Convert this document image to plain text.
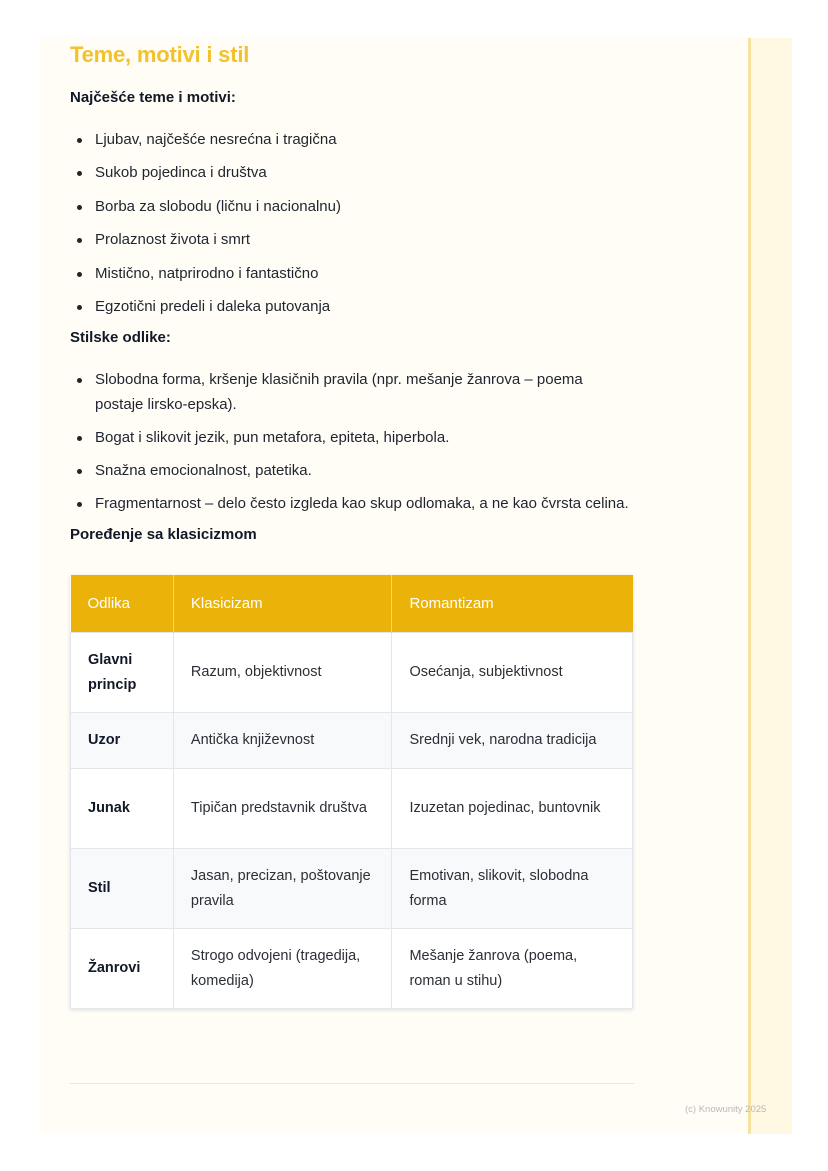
Teme, motivi i stil
Najčešće teme i motivi:
Ljubav, najčešće nesrećna i tragična
Sukob pojedinca i društva
Borba za slobodu (ličnu i nacionalnu)
Prolaznost života i smrt
Mistično, natprirodno i fantastično
Egzotični predeli i daleka putovanja
Stilske odlike:
Slobodna forma, kršenje klasičnih pravila (npr. mešanje žanrova – poema postaje lirsko-epska).
Bogat i slikovit jezik, pun metafora, epiteta, hiperbola.
Snažna emocionalnost, patetika.
Fragmentarnost – delo često izgleda kao skup odlomaka, a ne kao čvrsta celina.
Poređenje sa klasicizmom
Odlika	Klasicizam	Romantizam
Glavni princip	Razum, objektivnost	Osećanja, subjektivnost
Uzor	Antička književnost	Srednji vek, narodna tradicija
Junak	Tipičan predstavnik društva	Izuzetan pojedinac, buntovnik
Stil	Jasan, precizan, poštovanje pravila	Emotivan, slikovit, slobodna forma
Žanrovi	Strogo odvojeni (tragedija, komedija)	Mešanje žanrova (poema, roman u stihu)
(c) Knowunity 2025
